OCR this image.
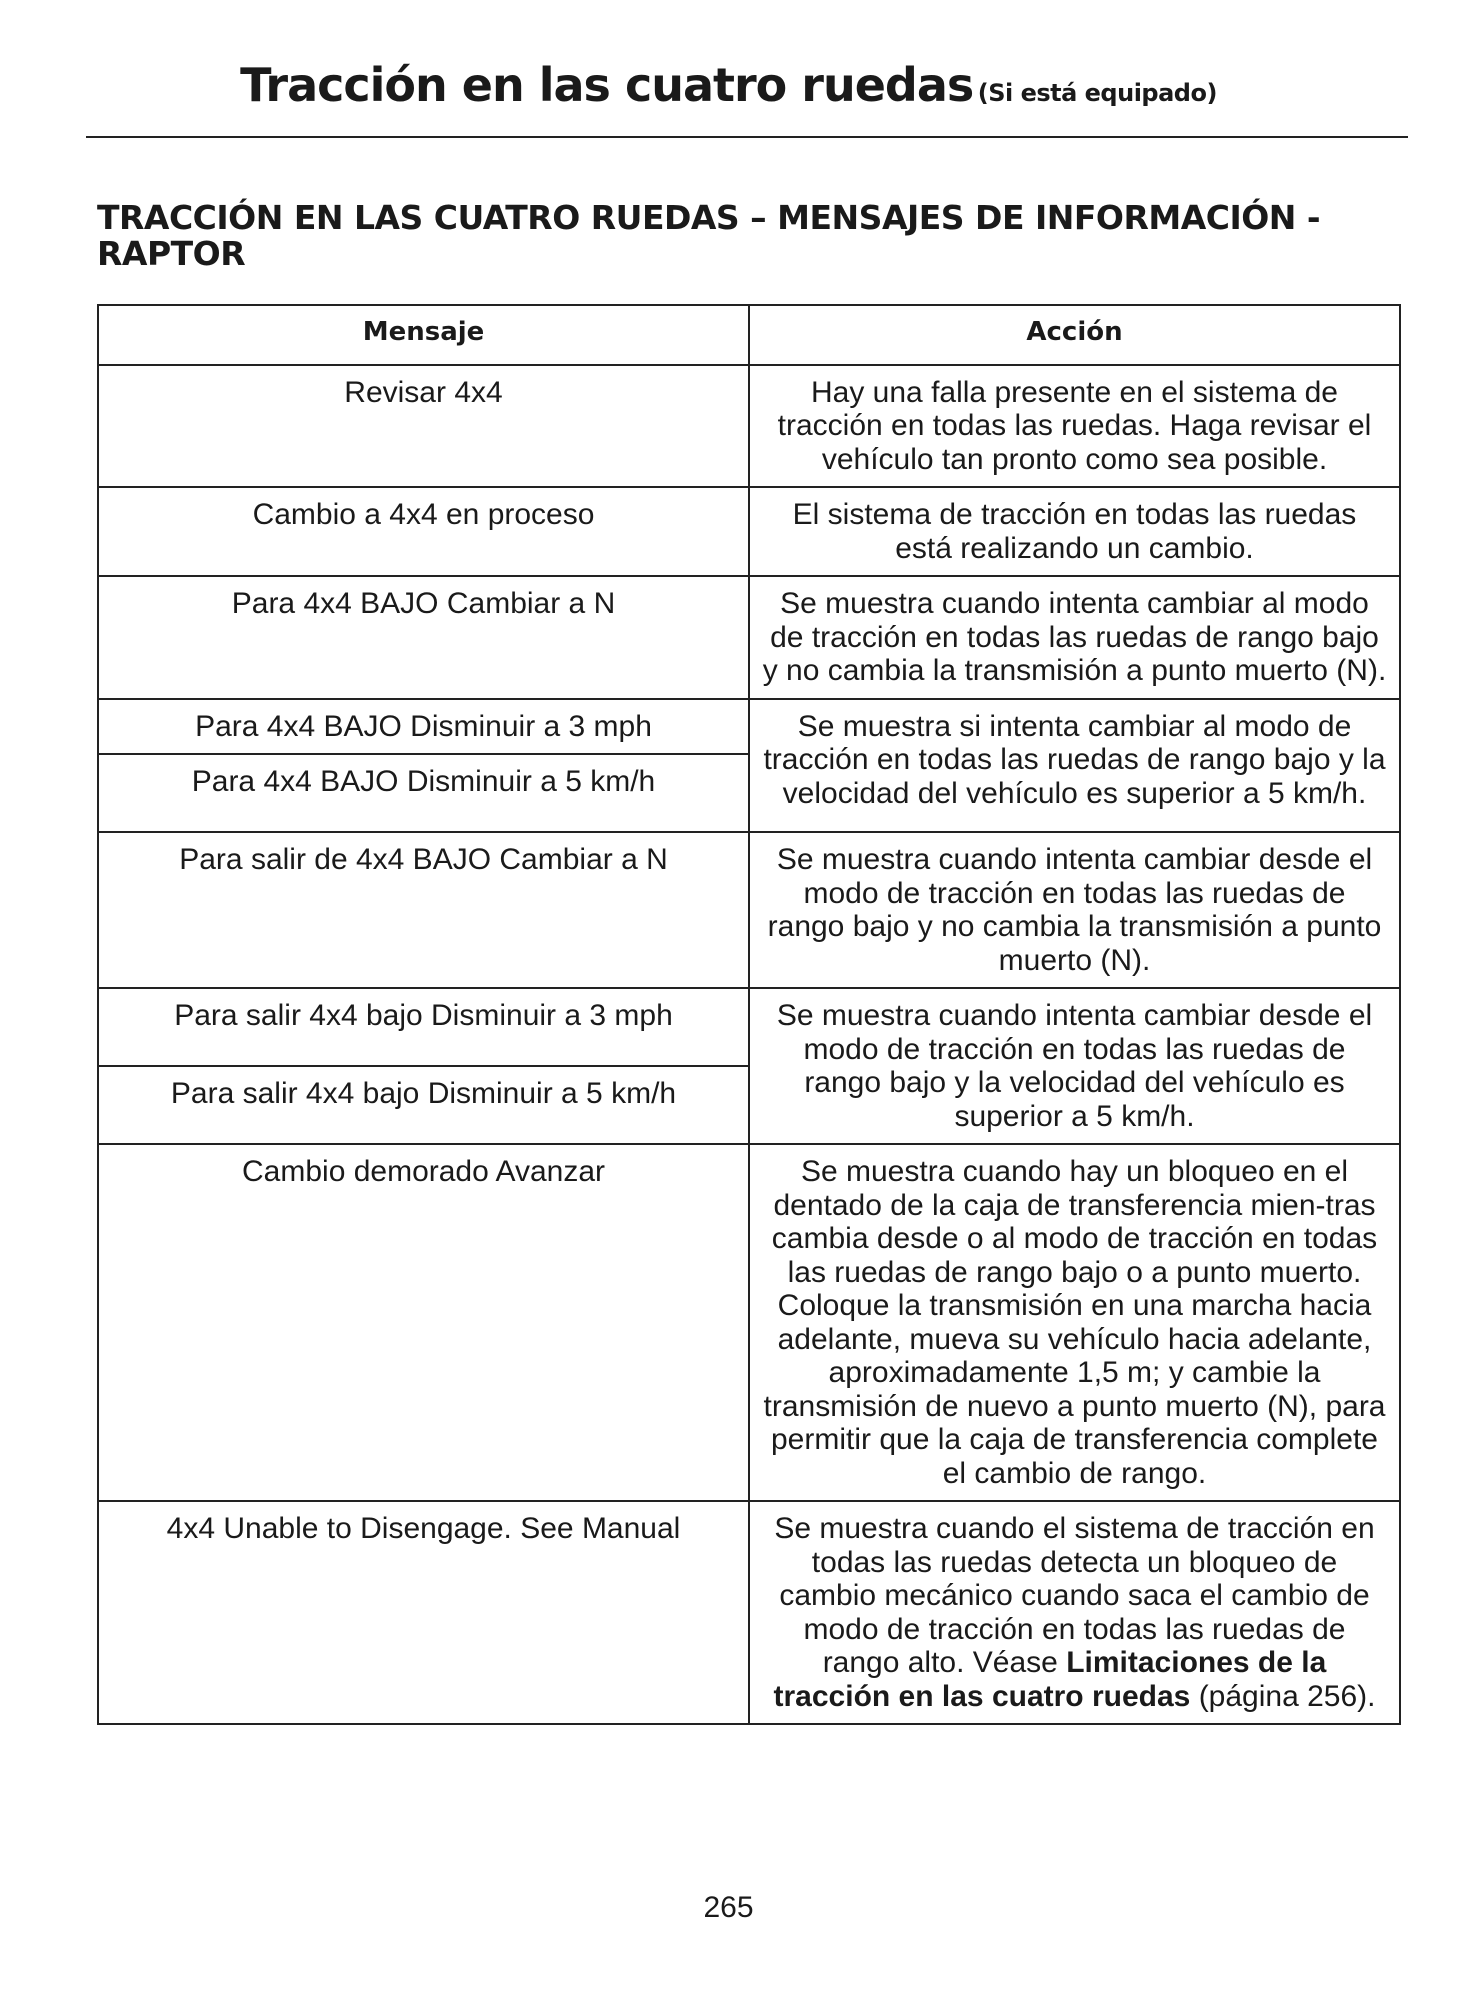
Tracción en las cuatro ruedas (Si está equipado)
TRACCIÓN EN LAS CUATRO RUEDAS – MENSAJES DE INFORMACIÓN - RAPTOR
Mensaje	Acción
Revisar 4x4	Hay una falla presente en el sistema de tracción en todas las ruedas. Haga revisar el vehículo tan pronto como sea posible.
Cambio a 4x4 en proceso	El sistema de tracción en todas las ruedas está realizando un cambio.
Para 4x4 BAJO Cambiar a N	Se muestra cuando intenta cambiar al modo de tracción en todas las ruedas de rango bajo y no cambia la transmisión a punto muerto (N).
Para 4x4 BAJO Disminuir a 3 mph	Se muestra si intenta cambiar al modo de tracción en todas las ruedas de rango bajo y la velocidad del vehículo es superior a 5 km/h.
Para 4x4 BAJO Disminuir a 5 km/h	
Para salir de 4x4 BAJO Cambiar a N	Se muestra cuando intenta cambiar desde el modo de tracción en todas las ruedas de rango bajo y no cambia la transmisión a punto muerto (N).
Para salir 4x4 bajo Disminuir a 3 mph	Se muestra cuando intenta cambiar desde el modo de tracción en todas las ruedas de rango bajo y la velocidad del vehículo es superior a 5 km/h.
Para salir 4x4 bajo Disminuir a 5 km/h	
Cambio demorado Avanzar	Se muestra cuando hay un bloqueo en el dentado de la caja de transferencia mien-tras cambia desde o al modo de tracción en todas las ruedas de rango bajo o a punto muerto. Coloque la transmisión en una marcha hacia adelante, mueva su vehículo hacia adelante, aproximadamente 1,5 m; y cambie la transmisión de nuevo a punto muerto (N), para permitir que la caja de transferencia complete el cambio de rango.
4x4 Unable to Disengage. See Manual	Se muestra cuando el sistema de tracción en todas las ruedas detecta un bloqueo de cambio mecánico cuando saca el cambio de modo de tracción en todas las ruedas de rango alto. Véase Limitaciones de la tracción en las cuatro ruedas (página 256).
265
